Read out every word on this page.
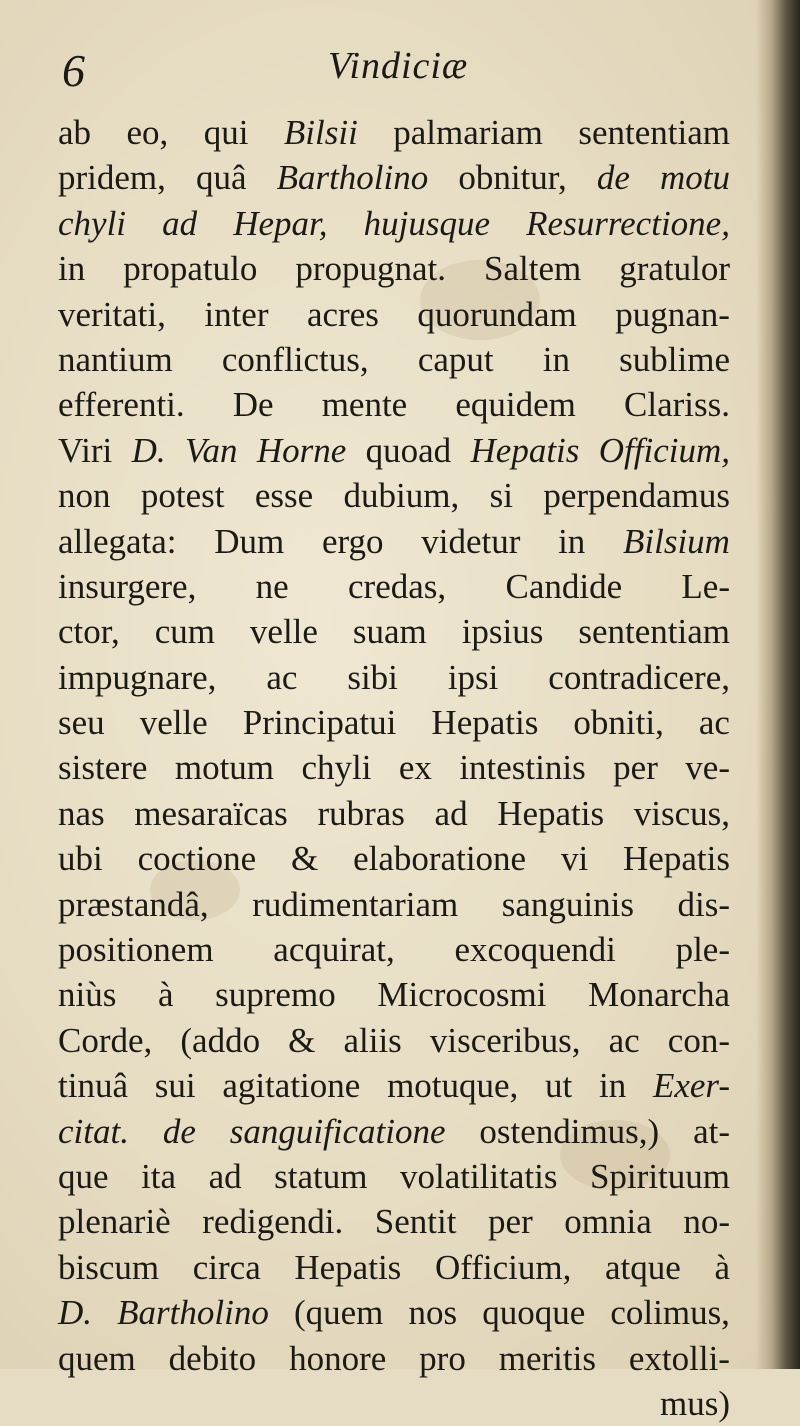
6	Vindiciæ
ab eo, qui Bilsii palmariam sententiam
pridem, quâ Bartholino obnitur, de motu
chyli ad Hepar, hujusque Resurrectione,
in propatulo propugnat. Saltem gratulor
veritati, inter acres quorundam pugnan-
nantium conflictus, caput in sublime
efferenti. De mente equidem Clariss.
Viri D. Van Horne quoad Hepatis Officium,
non potest esse dubium, si perpendamus
allegata: Dum ergo videtur in Bilsium
insurgere, ne credas, Candide Le-
ctor, cum velle suam ipsius sententiam
impugnare, ac sibi ipsi contradicere,
seu velle Principatui Hepatis obniti, ac
sistere motum chyli ex intestinis per ve-
nas mesaraïcas rubras ad Hepatis viscus,
ubi coctione & elaboratione vi Hepatis
præstandâ, rudimentariam sanguinis dis-
positionem acquirat, excoquendi ple-
niùs à supremo Microcosmi Monarcha
Corde, (addo & aliis visceribus, ac con-
tinuâ sui agitatione motuque, ut in Exer-
citat. de sanguificatione ostendimus,) at-
que ita ad statum volatilitatis Spirituum
plenariè redigendi. Sentit per omnia no-
biscum circa Hepatis Officium, atque à
D. Bartholino (quem nos quoque colimus,
quem debito honore pro meritis extolli-
mus)
